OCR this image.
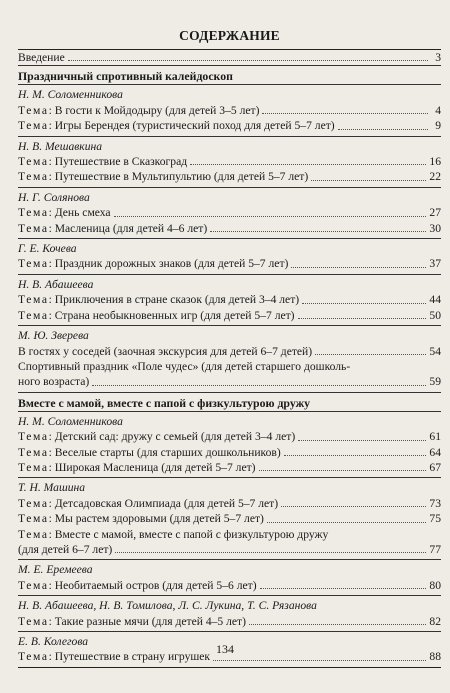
СОДЕРЖАНИЕ
Введение	3
Праздничный спротивный калейдоскоп
Н. М. Соломенникова
Тема: В гости к Мойдодыру (для детей 3–5 лет)	4
Тема: Игры Берендея (туристический поход для детей 5–7 лет)	9
Н. В. Мешавкина
Тема: Путешествие в Сказкоград	16
Тема: Путешествие в Мультипультию (для детей 5–7 лет)	22
Н. Г. Солянова
Тема: День смеха	27
Тема: Масленица (для детей 4–6 лет)	30
Г. Е. Кочева
Тема: Праздник дорожных знаков (для детей 5–7 лет)	37
Н. В. Абашеева
Тема: Приключения в стране сказок (для детей 3–4 лет)	44
Тема: Страна необыкновенных игр (для детей 5–7 лет)	50
М. Ю. Зверева
В гостях у соседей (заочная экскурсия для детей 6–7 детей)	54
Спортивный праздник «Поле чудес» (для детей старшего дошколь-
ного возраста)	59
Вместе с мамой, вместе с папой с физкультурою дружу
Н. М. Соломенникова
Тема: Детский сад: дружу с семьей (для детей 3–4 лет)	61
Тема: Веселые старты (для старших дошкольников)	64
Тема: Широкая Масленица (для детей 5–7 лет)	67
Т. Н. Машина
Тема: Детсадовская Олимпиада (для детей 5–7 лет)	73
Тема: Мы растем здоровыми (для детей 5–7 лет)	75
Тема: Вместе с мамой, вместе с папой с физкультурою дружу
(для детей 6–7 лет)	77
М. Е. Еремеева
Тема: Необитаемый остров (для детей 5–6 лет)	80
Н. В. Абашеева, Н. В. Томилова, Л. С. Лукина, Т. С. Рязанова
Тема: Такие разные мячи (для детей 4–5 лет)	82
Е. В. Колегова
Тема: Путешествие в страну игрушек	88
134
